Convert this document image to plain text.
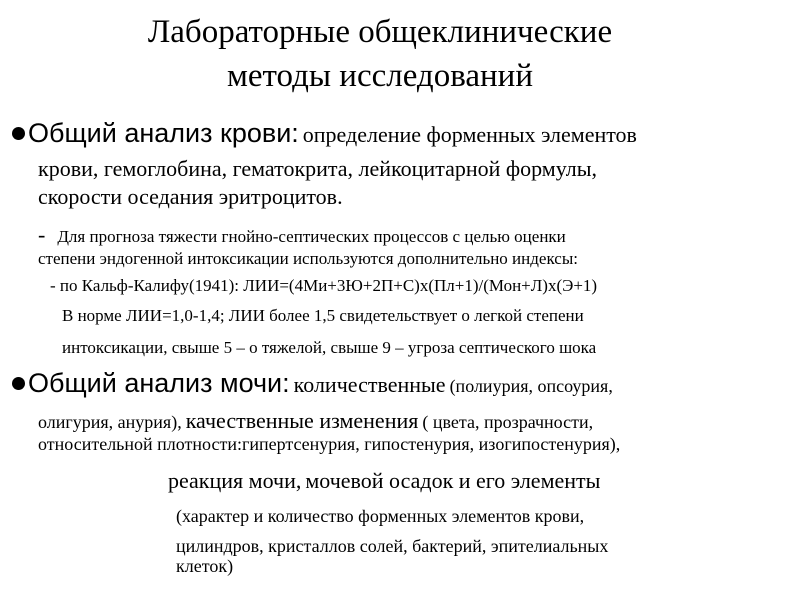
Лабораторные общеклинические
методы исследований
Общий анализ крови: определение форменных элементов
крови, гемоглобина, гематокрита, лейкоцитарной формулы,
скорости оседания эритроцитов.
- Для прогноза тяжести гнойно-септических процессов с целью оценки
степени эндогенной интоксикации используются дополнительно индексы:
- по Кальф-Калифу(1941): ЛИИ=(4Ми+3Ю+2П+С)х(Пл+1)/(Мон+Л)х(Э+1)
В норме ЛИИ=1,0-1,4; ЛИИ более 1,5 свидетельствует о легкой степени
интоксикации, свыше 5 – о тяжелой, свыше 9 – угроза септического шока
Общий анализ мочи: количественные (полиурия, опсоурия,
олигурия, анурия), качественные изменения ( цвета, прозрачности,
относительной плотности:гипертсенурия, гипостенурия, изогипостенурия),
реакция мочи, мочевой осадок и его элементы
(характер и количество форменных элементов крови,
цилиндров, кристаллов солей, бактерий, эпителиальных
клеток)
